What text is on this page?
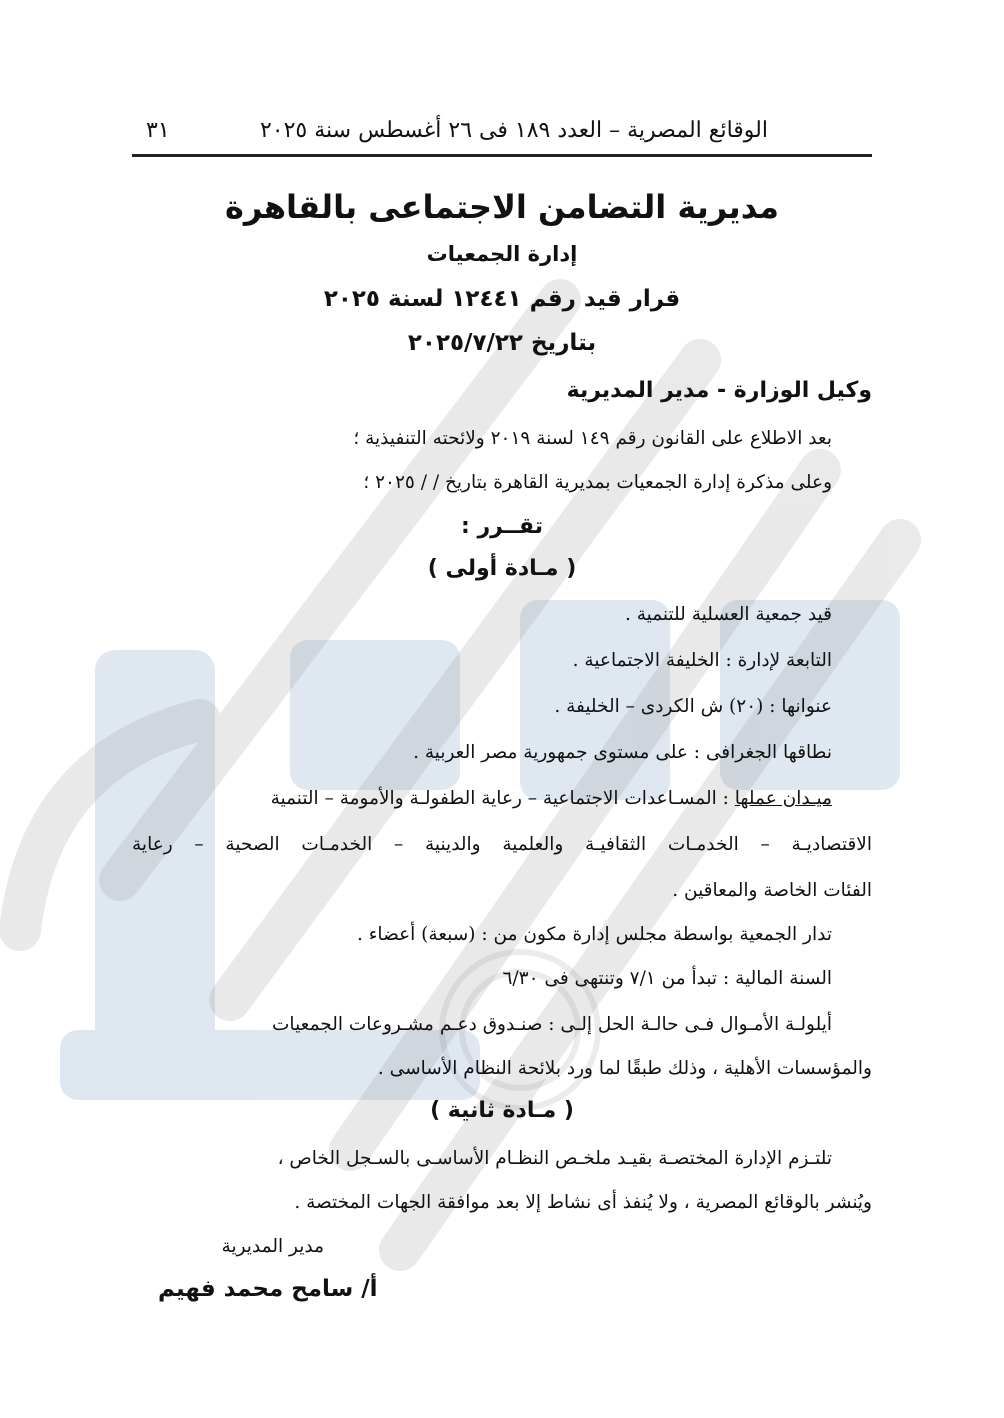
الوقائع المصرية – العدد ١٨٩ فى ٢٦ أغسطس سنة ٢٠٢٥
٣١
مديرية التضامن الاجتماعى بالقاهرة
إدارة الجمعيات
قرار قيد رقم ١٢٤٤١ لسنة ٢٠٢٥
بتاريخ ٢٠٢٥/٧/٢٢
وكيل الوزارة - مدير المديرية
بعد الاطلاع على القانون رقم ١٤٩ لسنة ٢٠١٩ ولائحته التنفيذية ؛
وعلى مذكرة إدارة الجمعيات بمديرية القاهرة بتاريخ / / ٢٠٢٥ ؛
تقــرر :
( مـادة أولى )
قيد جمعية العسلية للتنمية .
التابعة لإدارة : الخليفة الاجتماعية .
عنوانها : (٢٠) ش الكردى – الخليفة .
نطاقها الجغرافى : على مستوى جمهورية مصر العربية .
ميـدان عملها : المسـاعدات الاجتماعية – رعاية الطفولـة والأمومة – التنمية
الاقتصاديـة – الخدمـات الثقافيـة والعلمية والدينية – الخدمـات الصحية – رعاية
الفئات الخاصة والمعاقين .
تدار الجمعية بواسطة مجلس إدارة مكون من : (سبعة) أعضاء .
السنة المالية : تبدأ من ٧/١ وتنتهى فى ٦/٣٠
أيلولـة الأمـوال فـى حالـة الحل إلـى : صنـدوق دعـم مشـروعات الجمعيات
والمؤسسات الأهلية ، وذلك طبقًا لما ورد بلائحة النظام الأساسى .
( مـادة ثانية )
تلتـزم الإدارة المختصـة بقيـد ملخـص النظـام الأساسـى بالسـجل الخاص ،
ويُنشر بالوقائع المصرية ، ولا يُنفذ أى نشاط إلا بعد موافقة الجهات المختصة .
مدير المديرية
أ/ سامح محمد فهيم
